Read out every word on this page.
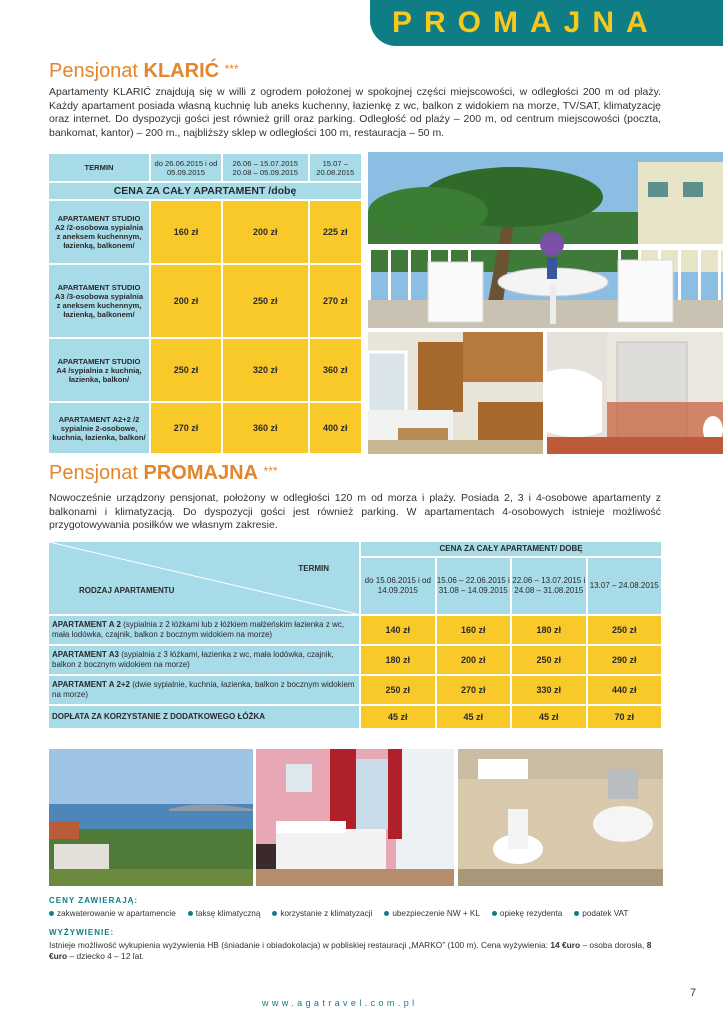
PROMAJNA
Pensjonat KLARIĆ ***

Apartamenty KLARIĆ znajdują się w willi z ogrodem położonej w spokojnej części miejscowości, w odległości 200 m od plaży. Każdy apartament posiada własną kuchnię lub aneks kuchenny, łazienkę z wc, balkon z widokiem na morze, TV/SAT, klimatyzację oraz internet. Do dyspozycji gości jest również grill oraz parking. Odległość od plaży – 200 m, od centrum miejscowości (poczta, bankomat, kantor) – 200 m., najbliższy sklep w odległości 100 m, restauracja – 50 m.

TERMIN	do 26.06.2015 i od 05.09.2015	26.06 – 15.07.2015 20.08 – 05.09.2015	15.07 – 20.08.2015
CENA ZA CAŁY APARTAMENT /dobę			
APARTAMENT STUDIO A2 /2-osobowa sypialnia z aneksem kuchennym, łazienką, balkonem/	160 zł	200 zł	225 zł
APARTAMENT STUDIO A3 /3-osobowa sypialnia z aneksem kuchennym, łazienką, balkonem/	200 zł	250 zł	270 zł
APARTAMENT STUDIO A4 /sypialnia z kuchnią, łazienka, balkon/	250 zł	320 zł	360 zł
APARTAMENT A2+2 /2 sypialnie 2-osobowe, kuchnia, łazienka, balkon/	270 zł	360 zł	400 zł
Pensjonat PROMAJNA ***

Nowocześnie urządzony pensjonat, położony w odległości 120 m od morza i plaży. Posiada 2, 3 i 4-osobowe apartamenty z balkonami i klimatyzacją. Do dyspozycji gości jest również parking. W apartamentach 4-osobowych istnieje możliwość przygotowywania posiłków we własnym zakresie.

TERMIN
RODZAJ APARTAMENTU	CENA ZA CAŁY APARTAMENT/ DOBĘ			
	do 15.06.2015 i od 14.09.2015	15.06 – 22.06.2015 i 31.08 – 14.09.2015	22.06 – 13.07.2015 i 24.08 – 31.08.2015	13.07 – 24.08.2015
APARTAMENT A 2 (sypialnia z 2 łóżkami lub z łóżkiem małżeńskim łazienka z wc, mała lodówka, czajnik, balkon z bocznym widokiem na morze)	140 zł	160 zł	180 zł	250 zł
APARTAMENT A3 (sypialnia z 3 łóżkami, łazienka z wc, mała lodówka, czajnik, balkon z bocznym widokiem na morze)	180 zł	200 zł	250 zł	290 zł
APARTAMENT A 2+2 (dwie sypialnie, kuchnia, łazienka, balkon z bocznym widokiem na morze)	250 zł	270 zł	330 zł	440 zł
DOPŁATA ZA KORZYSTANIE Z DODATKOWEGO ŁÓŻKA	45 zł	45 zł	45 zł	70 zł
CENY ZAWIERAJĄ:
zakwaterowanie w apartamencie	taksę klimatyczną	korzystanie z klimatyzacji	ubezpieczenie NW + KL	opiekę rezydenta	podatek VAT
WYŻYWIENIE:
Istnieje możliwość wykupienia wyżywienia HB (śniadanie i obiadokolacja) w pobliskiej restauracji „MARKO” (100 m). Cena wyżywienia: 14 €uro – osoba dorosła, 8 €uro – dziecko 4 – 12 lat.
7
www.agatravel.com.pl
